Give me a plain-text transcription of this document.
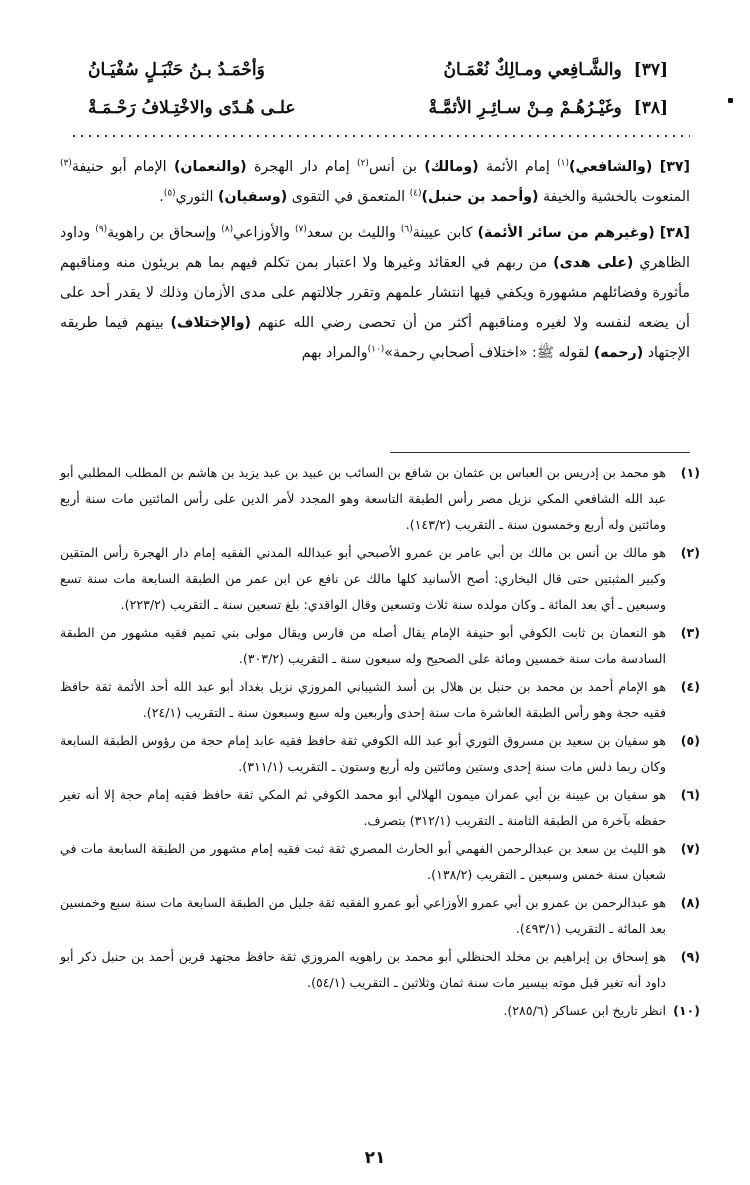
[٣٧] والشَّـافِعي ومـالِكٌ نُعْمَـانُ
وَأحْمَـدُ بـنُ حَنْبَـلٍ سُفْيَـانُ
[٣٨] وغَيْـرُهُـمْ مِـنْ سـائِـرِ الأئمَّـةْ
علـى هُـدًى والاخْتِـلافُ رَحْـمَـةْ

[٣٧] (والشافعي)$^{(١)}$ إمام الأئمة (ومالك) بن أنس$^{(٢)}$ إمام دار الهجرة (والنعمان) الإمام أبو حنيفة$^{(٣)}$ المنعوت بالخشية والخيفة (وأحمد بن حنبل)$^{(٤)}$ المتعمق في التقوى (وسفيان) الثوري$^{(٥)}$.

[٣٨] (وغيرهم من سائر الأئمة) كابن عيينة$^{(٦)}$ والليث بن سعد$^{(٧)}$ والأوزاعي$^{(٨)}$ وإسحاق بن راهوية$^{(٩)}$ وداود الظاهري (على هدى) من ربهم في العقائد وغيرها ولا اعتبار بمن تكلم فيهم بما هم بريئون منه ومناقبهم مأثورة وفضائلهم مشهورة ويكفي فيها انتشار علمهم وتقرر جلالتهم على مدى الأزمان وذلك لا يقدر أحد على أن يضعه لنفسه ولا لغيره ومناقبهم أكثر من أن تحصى رضي الله عنهم (والإختلاف) بينهم فيما طريقه الإجتهاد (رحمه) لقوله ﷺ: «اختلاف أصحابي رحمة»$^{(١٠)}$والمراد بهم

(١)
هو محمد بن إدريس بن العباس بن عثمان بن شافع بن السائب بن عبيد بن عبد يزيد بن هاشم بن المطلب المطلبي أبو عبد الله الشافعي المكي نزيل مصر رأس الطبقة التاسعة وهو المجدد لأمر الدين على رأس المائتين مات سنة أربع ومائتين وله أربع وخمسون سنة ـ التقريب (١٤٣/٢).
(٢)
هو مالك بن أنس بن مالك بن أبي عامر بن عمرو الأصبحي أبو عبدالله المدني الفقيه إمام دار الهجرة رأس المتقين وكبير المثبتين حتى قال البخاري: أصح الأسانيد كلها مالك عن نافع عن ابن عمر من الطبقة السابعة مات سنة تسع وسبعين ـ أي بعد المائة ـ وكان مولده سنة ثلاث وتسعين وقال الواقدي: بلغ تسعين سنة ـ التقريب (٢٢٣/٢).
(٣)
هو النعمان بن ثابت الكوفي أبو حنيفة الإمام يقال أصله من فارس ويقال مولى بني تميم فقيه مشهور من الطبقة السادسة مات سنة خمسين ومائة على الصحيح وله سبعون سنة ـ التقريب (٣٠٣/٢).
(٤)
هو الإمام أحمد بن محمد بن حنبل بن هلال بن أسد الشيباني المروزي نزيل بغداد أبو عبد الله أحد الأئمة ثقة حافظ فقيه حجة وهو رأس الطبقة العاشرة مات سنة إحدى وأربعين وله سبع وسبعون سنة ـ التقريب (٢٤/١).
(٥)
هو سفيان بن سعيد بن مسروق الثوري أبو عبد الله الكوفي ثقة حافظ فقيه عابد إمام حجة من رؤوس الطبقة السابعة وكان ربما دلس مات سنة إحدى وستين ومائتين وله أربع وستون ـ التقريب (٣١١/١).
(٦)
هو سفيان بن عيينة بن أبي عمران ميمون الهلالي أبو محمد الكوفي ثم المكي ثقة حافظ فقيه إمام حجة إلا أنه تغير حفظه بآخرة من الطبقة الثامنة ـ التقريب (٣١٢/١) بتصرف.
(٧)
هو الليث بن سعد بن عبدالرحمن الفهمي أبو الحارث المصري ثقة ثبت فقيه إمام مشهور من الطبقة السابعة مات في شعبان سنة خمس وسبعين ـ التقريب (١٣٨/٢).
(٨)
هو عبدالرحمن بن عمرو بن أبي عمرو الأوزاعي أبو عمرو الفقيه ثقة جليل من الطبقة السابعة مات سنة سبع وخمسين بعد المائة ـ التقريب (٤٩٣/١).
(٩)
هو إسحاق بن إبراهيم بن مخلد الحنظلي أبو محمد بن راهويه المروزي ثقة حافظ مجتهد قرين أحمد بن حنبل ذكر أبو داود أنه تغير قبل موته بيسير مات سنة ثمان وثلاثين ـ التقريب (٥٤/١).
(١٠)
انظر تاريخ ابن عساكر (٢٨٥/٦).
٢١
